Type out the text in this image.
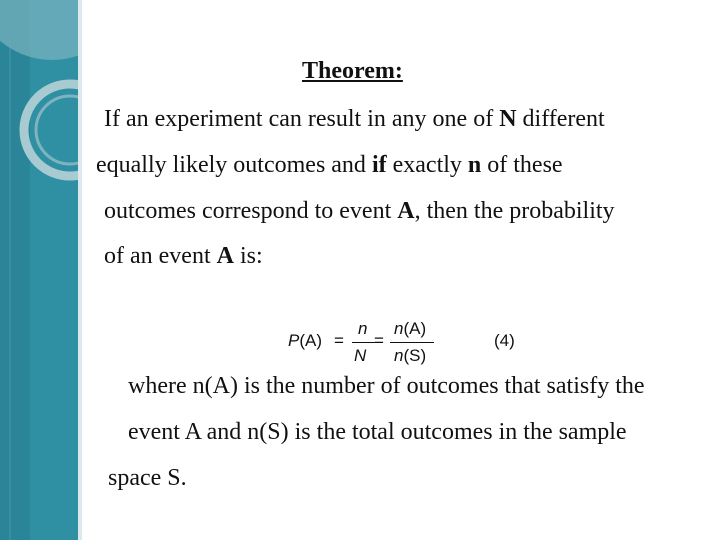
Theorem:
If an experiment can result in any one of N different
equally likely outcomes and if exactly n of these
outcomes correspond to event A, then the probability
of an event A is:
P(A) =
n
N
=
n(A)
n(S)
(4)
where n(A) is the number of outcomes that satisfy the
event A and n(S) is the total outcomes in the sample
space S.
